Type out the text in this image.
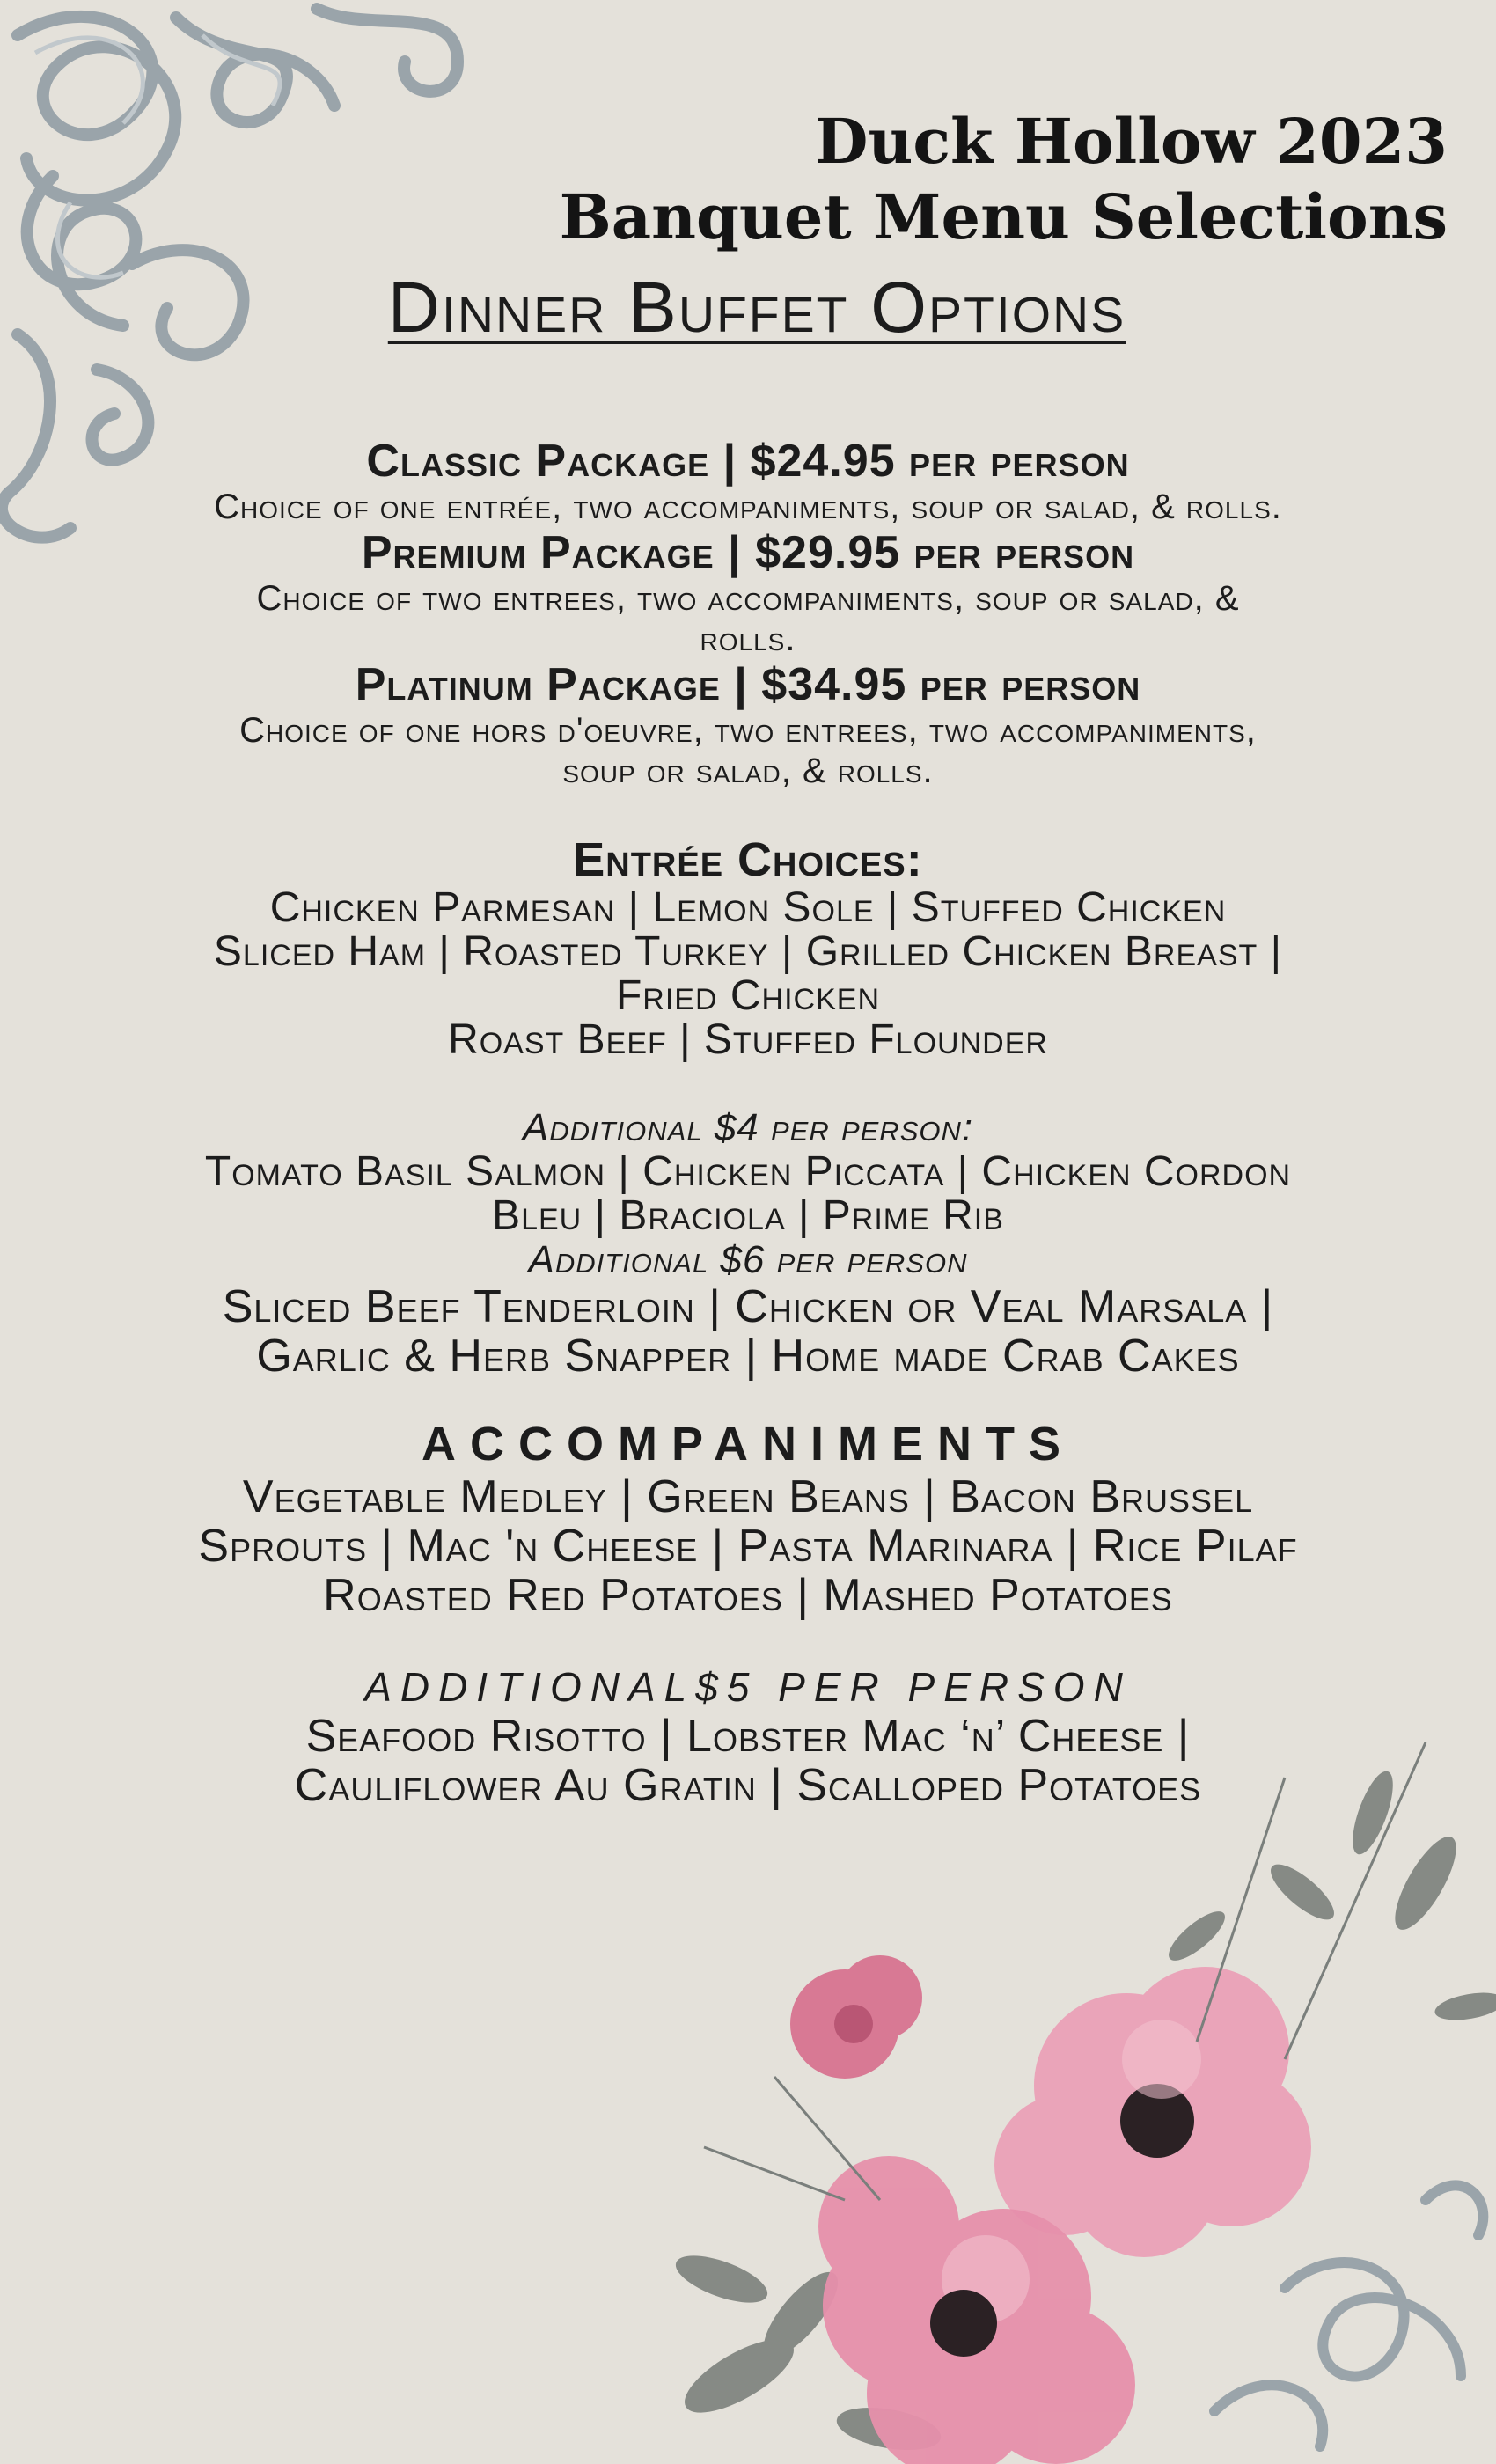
Duck Hollow 2023
Banquet Menu Selections
Dinner Buffet Options
Classic Package | $24.95 per person
Choice of one entrée, two accompaniments, soup or salad, & rolls.
Premium Package | $29.95 per person
Choice of two entrees, two accompaniments, soup or salad, &
rolls.
Platinum Package | $34.95 per person
Choice of one hors d'oeuvre, two entrees, two accompaniments,
soup or salad, & rolls.
Entrée Choices:
Chicken Parmesan | Lemon Sole | Stuffed Chicken
Sliced Ham | Roasted Turkey | Grilled Chicken Breast |
Fried Chicken
Roast Beef | Stuffed Flounder
Additional $4 per person:
Tomato Basil Salmon | Chicken Piccata | Chicken Cordon
Bleu | Braciola | Prime Rib
Additional $6 per person
Sliced Beef Tenderloin | Chicken or Veal Marsala |
Garlic & Herb Snapper | Home made Crab Cakes
ACCOMPANIMENTS
Vegetable Medley | Green Beans | Bacon Brussel
Sprouts | Mac 'n Cheese | Pasta Marinara | Rice Pilaf
Roasted Red Potatoes | Mashed Potatoes
ADDITIONAL$5 PER PERSON
Seafood Risotto | Lobster Mac ‘n’ Cheese |
Cauliflower Au Gratin | Scalloped Potatoes
